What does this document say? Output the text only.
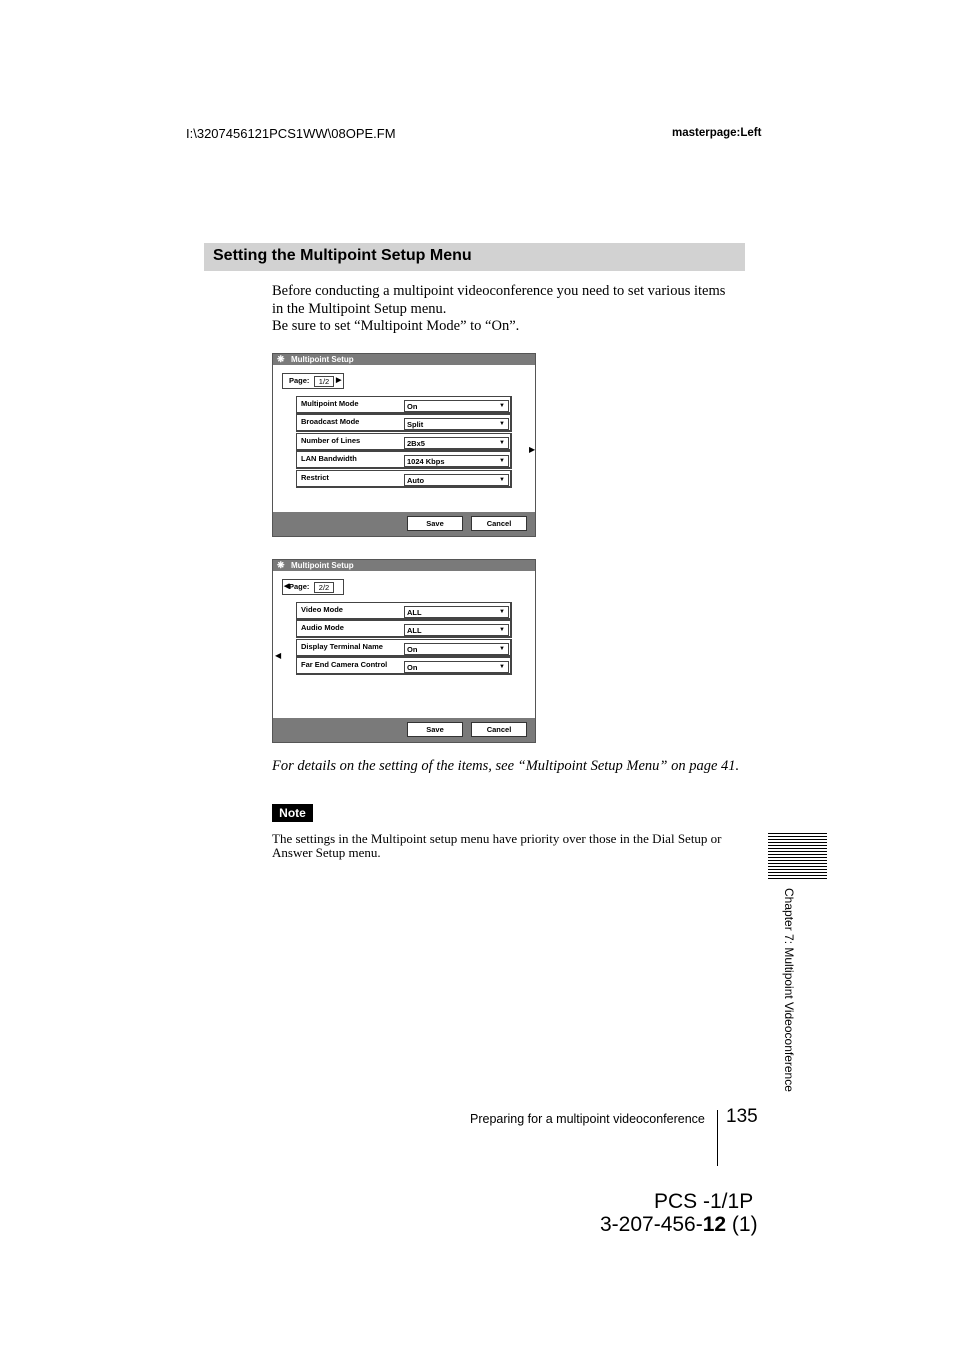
I:\3207456121PCS1WW\08OPE.FM	masterpage:Left
Setting the Multipoint Setup Menu
Before conducting a multipoint videoconference you need to set various items
in the Multipoint Setup menu.
Be sure to set “Multipoint Mode” to “On”.
❋ Multipoint Setup
Page:	1/2 ▶
Multipoint Mode	On	▼
Broadcast Mode	Split	▼
Number of Lines	2Bx5	▼
LAN Bandwidth	1024 Kbps	▼
Restrict	Auto	▼
▶
Save	Cancel
❋ Multipoint Setup
◀ Page:	2/2
Video Mode	ALL	▼
Audio Mode	ALL	▼
Display Terminal Name	On	▼
Far End Camera Control	On	▼
◀
Save	Cancel
For details on the setting of the items, see “Multipoint Setup Menu” on page 41.
Note
The settings in the Multipoint setup menu have priority over those in the Dial Setup or Answer Setup menu.
Chapter 7: Multipoint Videoconference
Preparing for a multipoint videoconference 135
PCS -1/1P
3-207-456-12 (1)
